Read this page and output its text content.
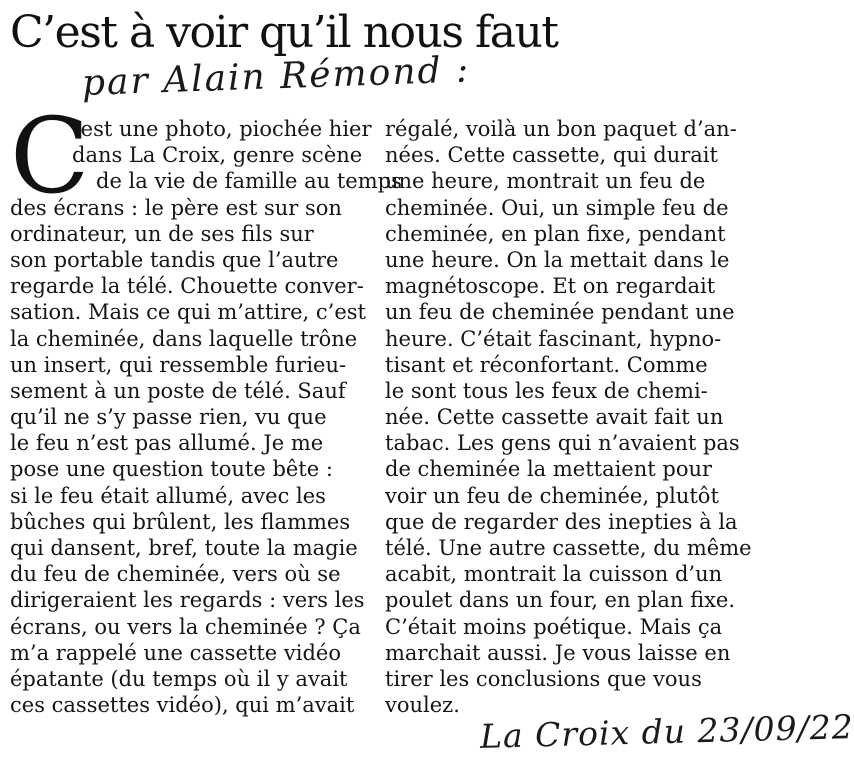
C’est à voir qu’il nous faut
par Alain Rémond :
C
’est une photo, piochée hier
dans La Croix, genre scène
de la vie de famille au temps
des écrans : le père est sur son
ordinateur, un de ses fils sur
son portable tandis que l’autre
regarde la télé. Chouette conver-
sation. Mais ce qui m’attire, c’est
la cheminée, dans laquelle trône
un insert, qui ressemble furieu-
sement à un poste de télé. Sauf
qu’il ne s’y passe rien, vu que
le feu n’est pas allumé. Je me
pose une question toute bête :
si le feu était allumé, avec les
bûches qui brûlent, les flammes
qui dansent, bref, toute la magie
du feu de cheminée, vers où se
dirigeraient les regards : vers les
écrans, ou vers la cheminée ? Ça
m’a rappelé une cassette vidéo
épatante (du temps où il y avait
ces cassettes vidéo), qui m’avait
régalé, voilà un bon paquet d’an-
nées. Cette cassette, qui durait
une heure, montrait un feu de
cheminée. Oui, un simple feu de
cheminée, en plan fixe, pendant
une heure. On la mettait dans le
magnétoscope. Et on regardait
un feu de cheminée pendant une
heure. C’était fascinant, hypno-
tisant et réconfortant. Comme
le sont tous les feux de chemi-
née. Cette cassette avait fait un
tabac. Les gens qui n’avaient pas
de cheminée la mettaient pour
voir un feu de cheminée, plutôt
que de regarder des inepties à la
télé. Une autre cassette, du même
acabit, montrait la cuisson d’un
poulet dans un four, en plan fixe.
C’était moins poétique. Mais ça
marchait aussi. Je vous laisse en
tirer les conclusions que vous
voulez.
La Croix du 23/09/22
